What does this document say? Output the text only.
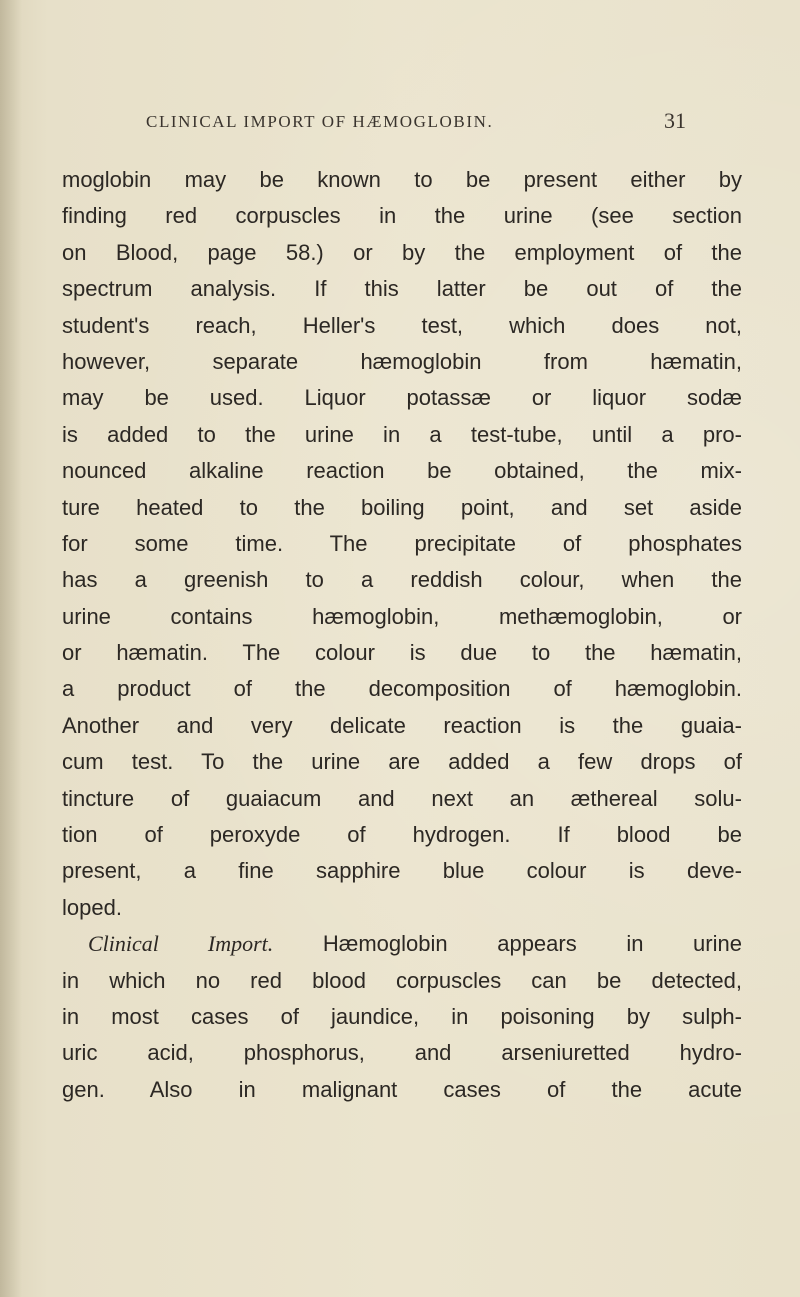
CLINICAL IMPORT OF HÆMOGLOBIN.	31
moglobin may be known to be present either by
finding red corpuscles in the urine (see section
on Blood, page 58.) or by the employment of the
spectrum analysis. If this latter be out of the
student's reach, Heller's test, which does not,
however, separate hæmoglobin from hæmatin,
may be used. Liquor potassæ or liquor sodæ
is added to the urine in a test-tube, until a pro-
nounced alkaline reaction be obtained, the mix-
ture heated to the boiling point, and set aside
for some time. The precipitate of phosphates
has a greenish to a reddish colour, when the
urine contains hæmoglobin, methæmoglobin, or
or hæmatin. The colour is due to the hæmatin,
a product of the decomposition of hæmoglobin.
Another and very delicate reaction is the guaia-
cum test. To the urine are added a few drops of
tincture of guaiacum and next an æthereal solu-
tion of peroxyde of hydrogen. If blood be
present, a fine sapphire blue colour is deve-
loped.
Clinical Import. Hæmoglobin appears in urine
in which no red blood corpuscles can be detected,
in most cases of jaundice, in poisoning by sulph-
uric acid, phosphorus, and arseniuretted hydro-
gen. Also in malignant cases of the acute
